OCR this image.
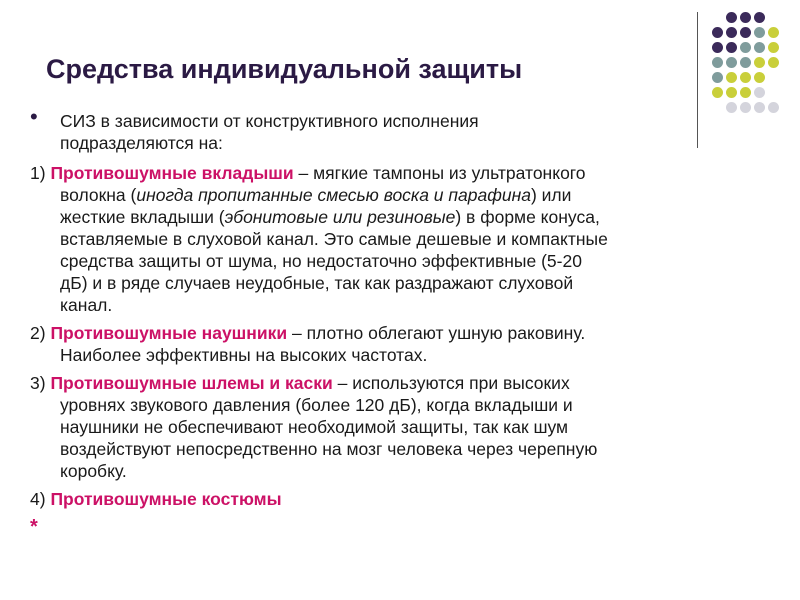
Средства индивидуальной защиты
• СИЗ в зависимости от конструктивного исполнения
подразделяются на:
1) Противошумные вкладыши – мягкие тампоны из ультратонкого
волокна (иногда пропитанные смесью воска и парафина) или
жесткие вкладыши (эбонитовые или резиновые) в форме конуса,
вставляемые в слуховой канал. Это самые дешевые и компактные
средства защиты от шума, но недостаточно эффективные (5-20
дБ) и в ряде случаев неудобные, так как раздражают слуховой
канал.
2) Противошумные наушники – плотно облегают ушную раковину.
Наиболее эффективны на высоких частотах.
3) Противошумные шлемы и каски – используются при высоких
уровнях звукового давления (более 120 дБ), когда вкладыши и
наушники не обеспечивают необходимой защиты, так как шум
воздействуют непосредственно на мозг человека через черепную
коробку.
4) Противошумные костюмы
*
